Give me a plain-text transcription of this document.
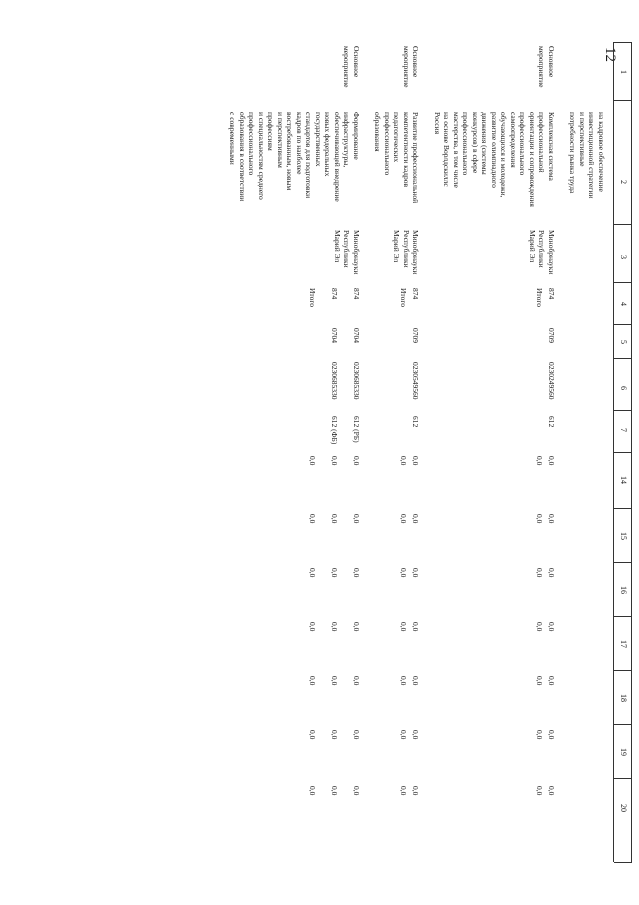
12
1
2
3
4
5
6
7
14
15
16
17
18
19
20
на кадровое обеспечение
инвестиционной стратегии
и перспективные
потребности рынка труда
Основное
мероприятие
Комплексная система
профессиональной
ориентации и сопровождения
профессионального
самоопределения
обучающихся и молодежи,
развитие олимпиадного
движения (системы
конкурсов) в сфере
профессионального
мастерства, в том числе
на основе Ворлдскиллс
Россия
Минобрнауки
Республики
Марий Эл
874
0709
0230249560
612
0,0
0,0
0,0
0,0
0,0
0,0
0,0
Итого
0,0
0,0
0,0
0,0
0,0
0,0
0,0
Основное
мероприятие
Развитие профессиональной
компетентности кадров
педагогических
профессионального
образования
Минобрнауки
Республики
Марий Эл
874
0709
0230549560
612
0,0
0,0
0,0
0,0
0,0
0,0
0,0
Итого
0,0
0,0
0,0
0,0
0,0
0,0
0,0
Основное
мероприятие
Формирование
инфраструктуры,
обеспечивающей внедрение
новых федеральных
государственных
стандартов для подготовки
кадров по наиболее
востребованным, новым
и перспективным
профессиям
и специальностям среднего
профессионального
образования в соответствии
с современными
Минобрнауки
Республики
Марий Эл
874
0704
0230685330
612 (РБ)
0,0
0,0
0,0
0,0
0,0
0,0
0,0
874
0704
0230685330
612 (ФБ)
0,0
0,0
0,0
0,0
0,0
0,0
0,0
Итого
0,0
0,0
0,0
0,0
0,0
0,0
0,0
